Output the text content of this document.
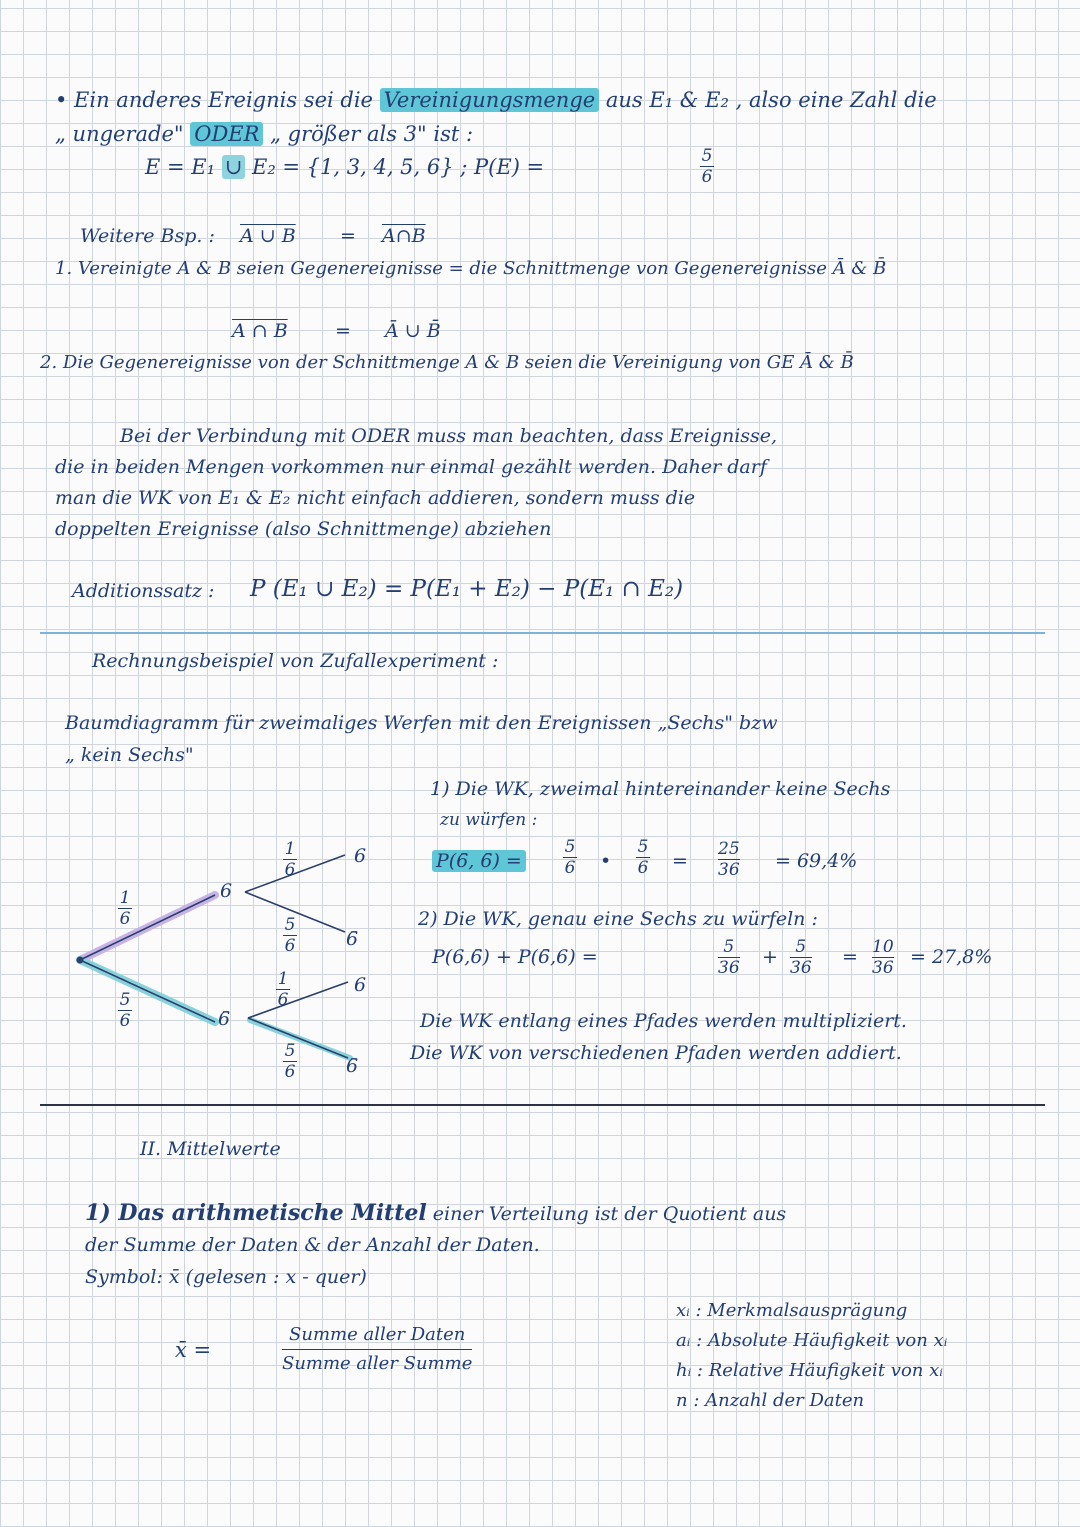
• Ein anderes Ereignis sei die Vereinigungsmenge aus E₁ & E₂ , also eine Zahl die
„ ungerade" ODER „ größer als 3" ist :
E = E₁ ∪ E₂ = {1, 3, 4, 5, 6} ; P(E) =	5
6
Weitere Bsp. : A ∪ B = A∩B
1. Vereinigte A & B seien Gegenereignisse = die Schnittmenge von Gegenereignisse Ā & B̄
A ∩ B = Ā ∪ B̄
2. Die Gegenereignisse von der Schnittmenge A & B seien die Vereinigung von GE Ā & B̄
Bei der Verbindung mit ODER muss man beachten, dass Ereignisse,
die in beiden Mengen vorkommen nur einmal gezählt werden. Daher darf
man die WK von E₁ & E₂ nicht einfach addieren, sondern muss die
doppelten Ereignisse (also Schnittmenge) abziehen
Additionssatz : P (E₁ ∪ E₂) = P(E₁ + E₂) − P(E₁ ∩ E₂)
Rechnungsbeispiel von Zufallexperiment :
Baumdiagramm für zweimaliges Werfen mit den Ereignissen „Sechs" bzw
„ kein Sechs"
1
6
5
6
6
6̄
1
6
5
6
1
6
5
6
6
6̄
6
6̄
1) Die WK, zweimal hintereinander keine Sechs
zu würfen :
P(6̄, 6̄) =
5
6 •
5
6 =
25
36 = 69,4%
2) Die WK, genau eine Sechs zu würfeln :
P(6,6̄) + P(6̄,6) =	5
36 + 5
36 = 10
36 = 27,8%
Die WK entlang eines Pfades werden multipliziert.
Die WK von verschiedenen Pfaden werden addiert.
II. Mittelwerte
1) Das arithmetische Mittel einer Verteilung ist der Quotient aus
der Summe der Daten & der Anzahl der Daten.
Symbol: x̄ (gelesen : x - quer)
x̄ =
Summe aller Daten
Summe aller Summe
xᵢ : Merkmalsausprägung
aᵢ : Absolute Häufigkeit von xᵢ
hᵢ : Relative Häufigkeit von xᵢ
n : Anzahl der Daten
